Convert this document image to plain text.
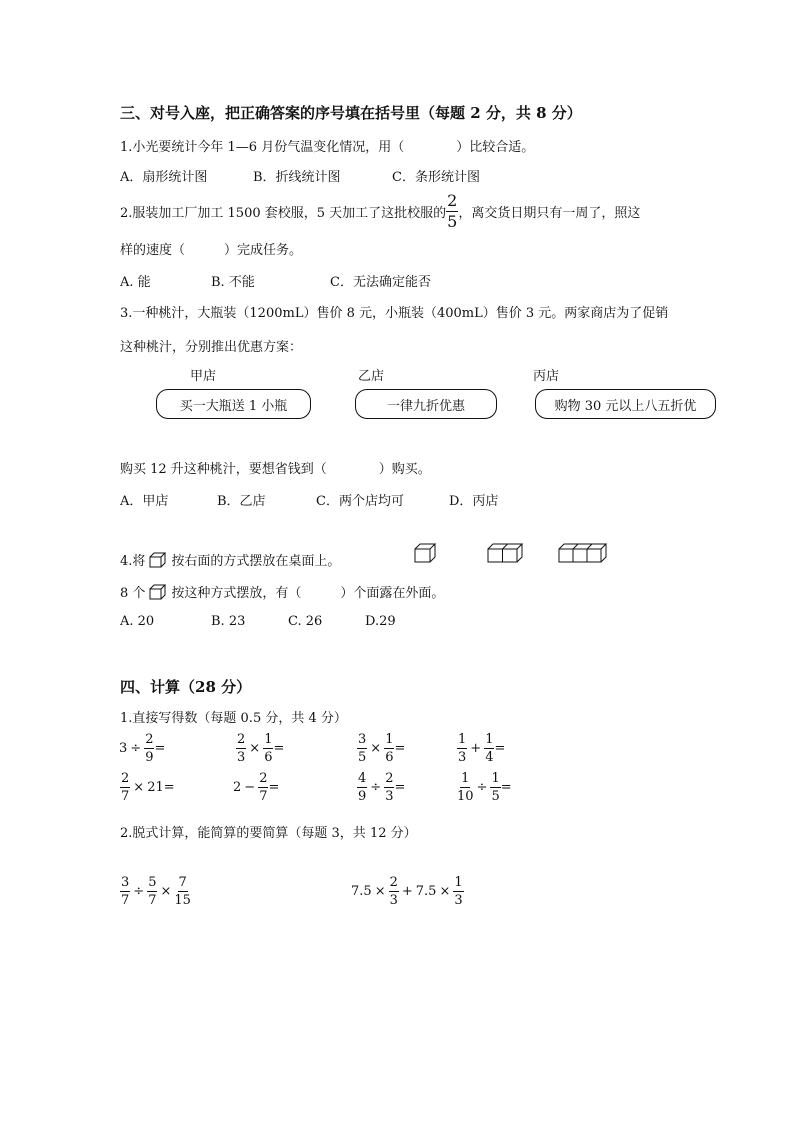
三、对号入座，把正确答案的序号填在括号里（每题 2 分，共 8 分）
1.小光要统计今年 1—6 月份气温变化情况，用（　　　　）比较合适。
A．扇形统计图	B．折线统计图	C．条形统计图
2.服装加工厂加工 1500 套校服，5 天加工了这批校服的 $\frac{2}{5}$ ，离交货日期只有一周了，照这
样的速度（　　　）完成任务。
A. 能	B. 不能	C．无法确定能否
3.一种桃汁，大瓶装（1200mL）售价 8 元，小瓶装（400mL）售价 3 元。两家商店为了促销
这种桃汁，分别推出优惠方案：
甲店	乙店	丙店
买一大瓶送 1 小瓶	一律九折优惠	购物 30 元以上八五折优
购买 12 升这种桃汁，要想省钱到（　　　　）购买。
A．甲店	B．乙店	C．两个店均可	D．丙店
4.将 按右面的方式摆放在桌面上。
8 个 按这种方式摆放，有（　　　）个面露在外面。
A. 20	B. 23	C. 26	D.29
四、计算（28 分）
1.直接写得数（每题 0.5 分，共 4 分）
$3 \div \frac{2}{9}$ =	$\frac{2}{3} \times \frac{1}{6}$ =	$\frac{3}{5} \times \frac{1}{6}$ =	$\frac{1}{3} + \frac{1}{4}$ =
$\frac{2}{7} \times 21$ =	$2 - \frac{2}{7}$ =	$\frac{4}{9} \div \frac{2}{3}$ =	$\frac{1}{10} \div \frac{1}{5}$ =
2.脱式计算，能简算的要简算（每题 3，共 12 分）
$\frac{3}{7} \div \frac{5}{7} \times \frac{7}{15}$	$7.5 \times \frac{2}{3} + 7.5 \times \frac{1}{3}$
